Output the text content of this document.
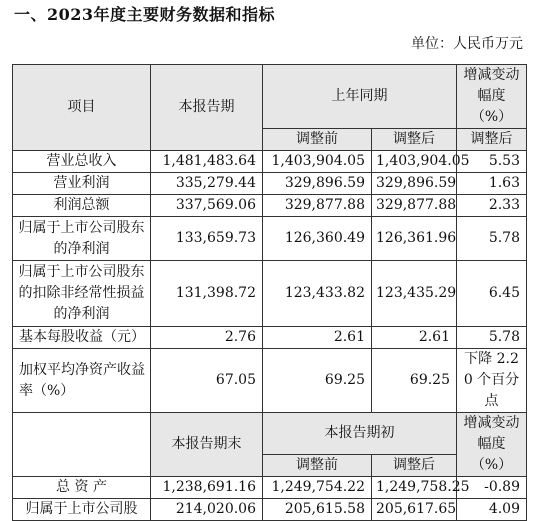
一、2023年度主要财务数据和指标
单位：人民币万元
项目	本报告期	上年同期		增减变动幅度（%）
		调整前	调整后	调整后
营业总收入	1,481,483.64	1,403,904.05	1,403,904.05	5.53
营业利润	335,279.44	329,896.59	329,896.59	1.63
利润总额	337,569.06	329,877.88	329,877.88	2.33
归属于上市公司股东的净利润	133,659.73	126,360.49	126,361.96	5.78
归属于上市公司股东的扣除非经常性损益的净利润	131,398.72	123,433.82	123,435.29	6.45
基本每股收益（元）	2.76	2.61	2.61	5.78
加权平均净资产收益率（%）	67.05	69.25	69.25	下降 2.20 个百分点
	本报告期末	本报告期初		增减变动幅度（%）
		调整前	调整后	
总 资 产	1,238,691.16	1,249,754.22	1,249,758.25	-0.89
归属于上市公司股	214,020.06	205,615.58	205,617.65	4.09
